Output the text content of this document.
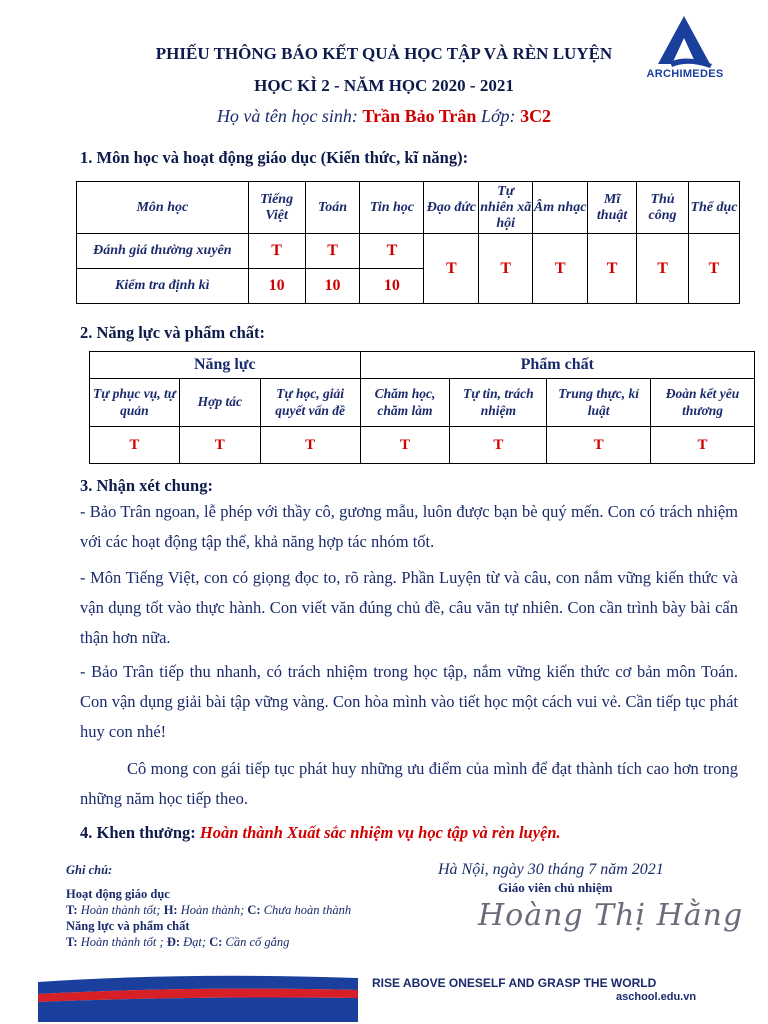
PHIẾU THÔNG BÁO KẾT QUẢ HỌC TẬP VÀ RÈN LUYỆN
HỌC KÌ 2 - NĂM HỌC 2020 - 2021
ARCHIMEDES
Họ và tên học sinh: Trần Bảo Trân Lớp: 3C2
1. Môn học và hoạt động giáo dục (Kiến thức, kĩ năng):
Môn học	Tiếng Việt	Toán	Tin học	Đạo đức	Tự nhiên xã hội	Âm nhạc	Mĩ thuật	Thủ công	Thể dục
Đánh giá thường xuyên	T	T	T	T	T	T	T	T	T
Kiểm tra định kì	10	10	10						
2. Năng lực và phẩm chất:
Năng lực			Phẩm chất			
Tự phục vụ, tự quản	Hợp tác	Tự học, giải quyết vấn đề	Chăm học, chăm làm	Tự tin, trách nhiệm	Trung thực, kỉ luật	Đoàn kết yêu thương
T	T	T	T	T	T	T
3. Nhận xét chung:
- Bảo Trân ngoan, lễ phép với thầy cô, gương mẫu, luôn được bạn bè quý mến. Con có trách nhiệm với các hoạt động tập thể, khả năng hợp tác nhóm tốt.
- Môn Tiếng Việt, con có giọng đọc to, rõ ràng. Phần Luyện từ và câu, con nắm vững kiến thức và vận dụng tốt vào thực hành. Con viết văn đúng chủ đề, câu văn tự nhiên. Con cần trình bày bài cẩn thận hơn nữa.
- Bảo Trân tiếp thu nhanh, có trách nhiệm trong học tập, nắm vững kiến thức cơ bản môn Toán. Con vận dụng giải bài tập vững vàng. Con hòa mình vào tiết học một cách vui vẻ. Cần tiếp tục phát huy con nhé!
Cô mong con gái tiếp tục phát huy những ưu điểm của mình để đạt thành tích cao hơn trong những năm học tiếp theo.
4. Khen thưởng: Hoàn thành Xuất sắc nhiệm vụ học tập và rèn luyện.
Ghi chú:
Hoạt động giáo dục
T: Hoàn thành tốt; H: Hoàn thành; C: Chưa hoàn thành
Năng lực và phẩm chất
T: Hoàn thành tốt ; Đ: Đạt; C: Cần cố gắng
Hà Nội, ngày 30 tháng 7 năm 2021
Giáo viên chủ nhiệm
Hoàng Thị Hằng
RISE ABOVE ONESELF AND GRASP THE WORLD
aschool.edu.vn
